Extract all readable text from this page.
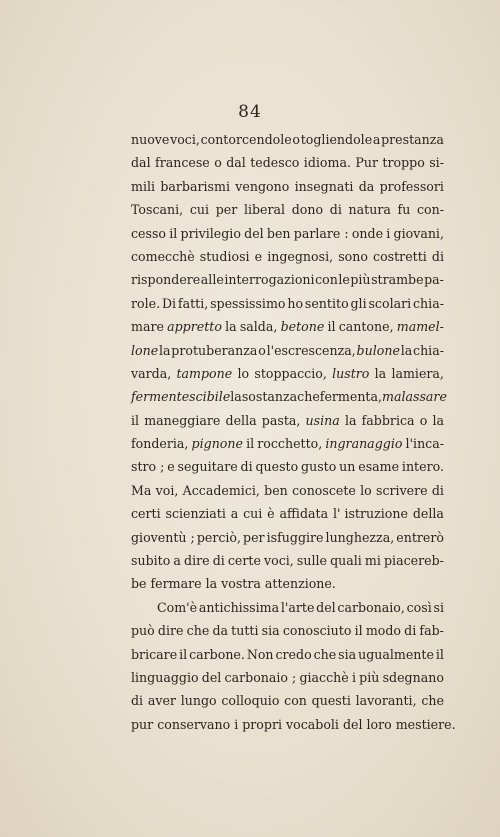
84
nuove voci, contorcendole o togliendole a prestanza
dal francese o dal tedesco idioma. Pur troppo si-
mili barbarismi vengono insegnati da professori
Toscani, cui per liberal dono di natura fu con-
cesso il privilegio del ben parlare : onde i giovani,
comecchè studiosi e ingegnosi, sono costretti di
rispondere alle interrogazioni con le più strambe pa-
role. Di fatti, spessissimo ho sentito gli scolari chia-
mare appretto la salda, betone il cantone, mamel-
lone la protuberanza o l'escrescenza, bulone la chia-
varda, tampone lo stoppaccio, lustro la lamiera,
fermentescibile la sostanza che fermenta, malassare
il maneggiare della pasta, usina la fabbrica o la
fonderia, pignone il rocchetto, ingranaggio l'inca-
stro ; e seguitare di questo gusto un esame intero.
Ma voi, Accademici, ben conoscete lo scrivere di
certi scienziati a cui è affidata l' istruzione della
gioventù ; perciò, per isfuggire lunghezza, entrerò
subito a dire di certe voci, sulle quali mi piacereb-
be fermare la vostra attenzione.
Com'è antichissima l'arte del carbonaio, così si
può dire che da tutti sia conosciuto il modo di fab-
bricare il carbone. Non credo che sia ugualmente il
linguaggio del carbonaio ; giacchè i più sdegnano
di aver lungo colloquio con questi lavoranti, che
pur conservano i propri vocaboli del loro mestiere.
